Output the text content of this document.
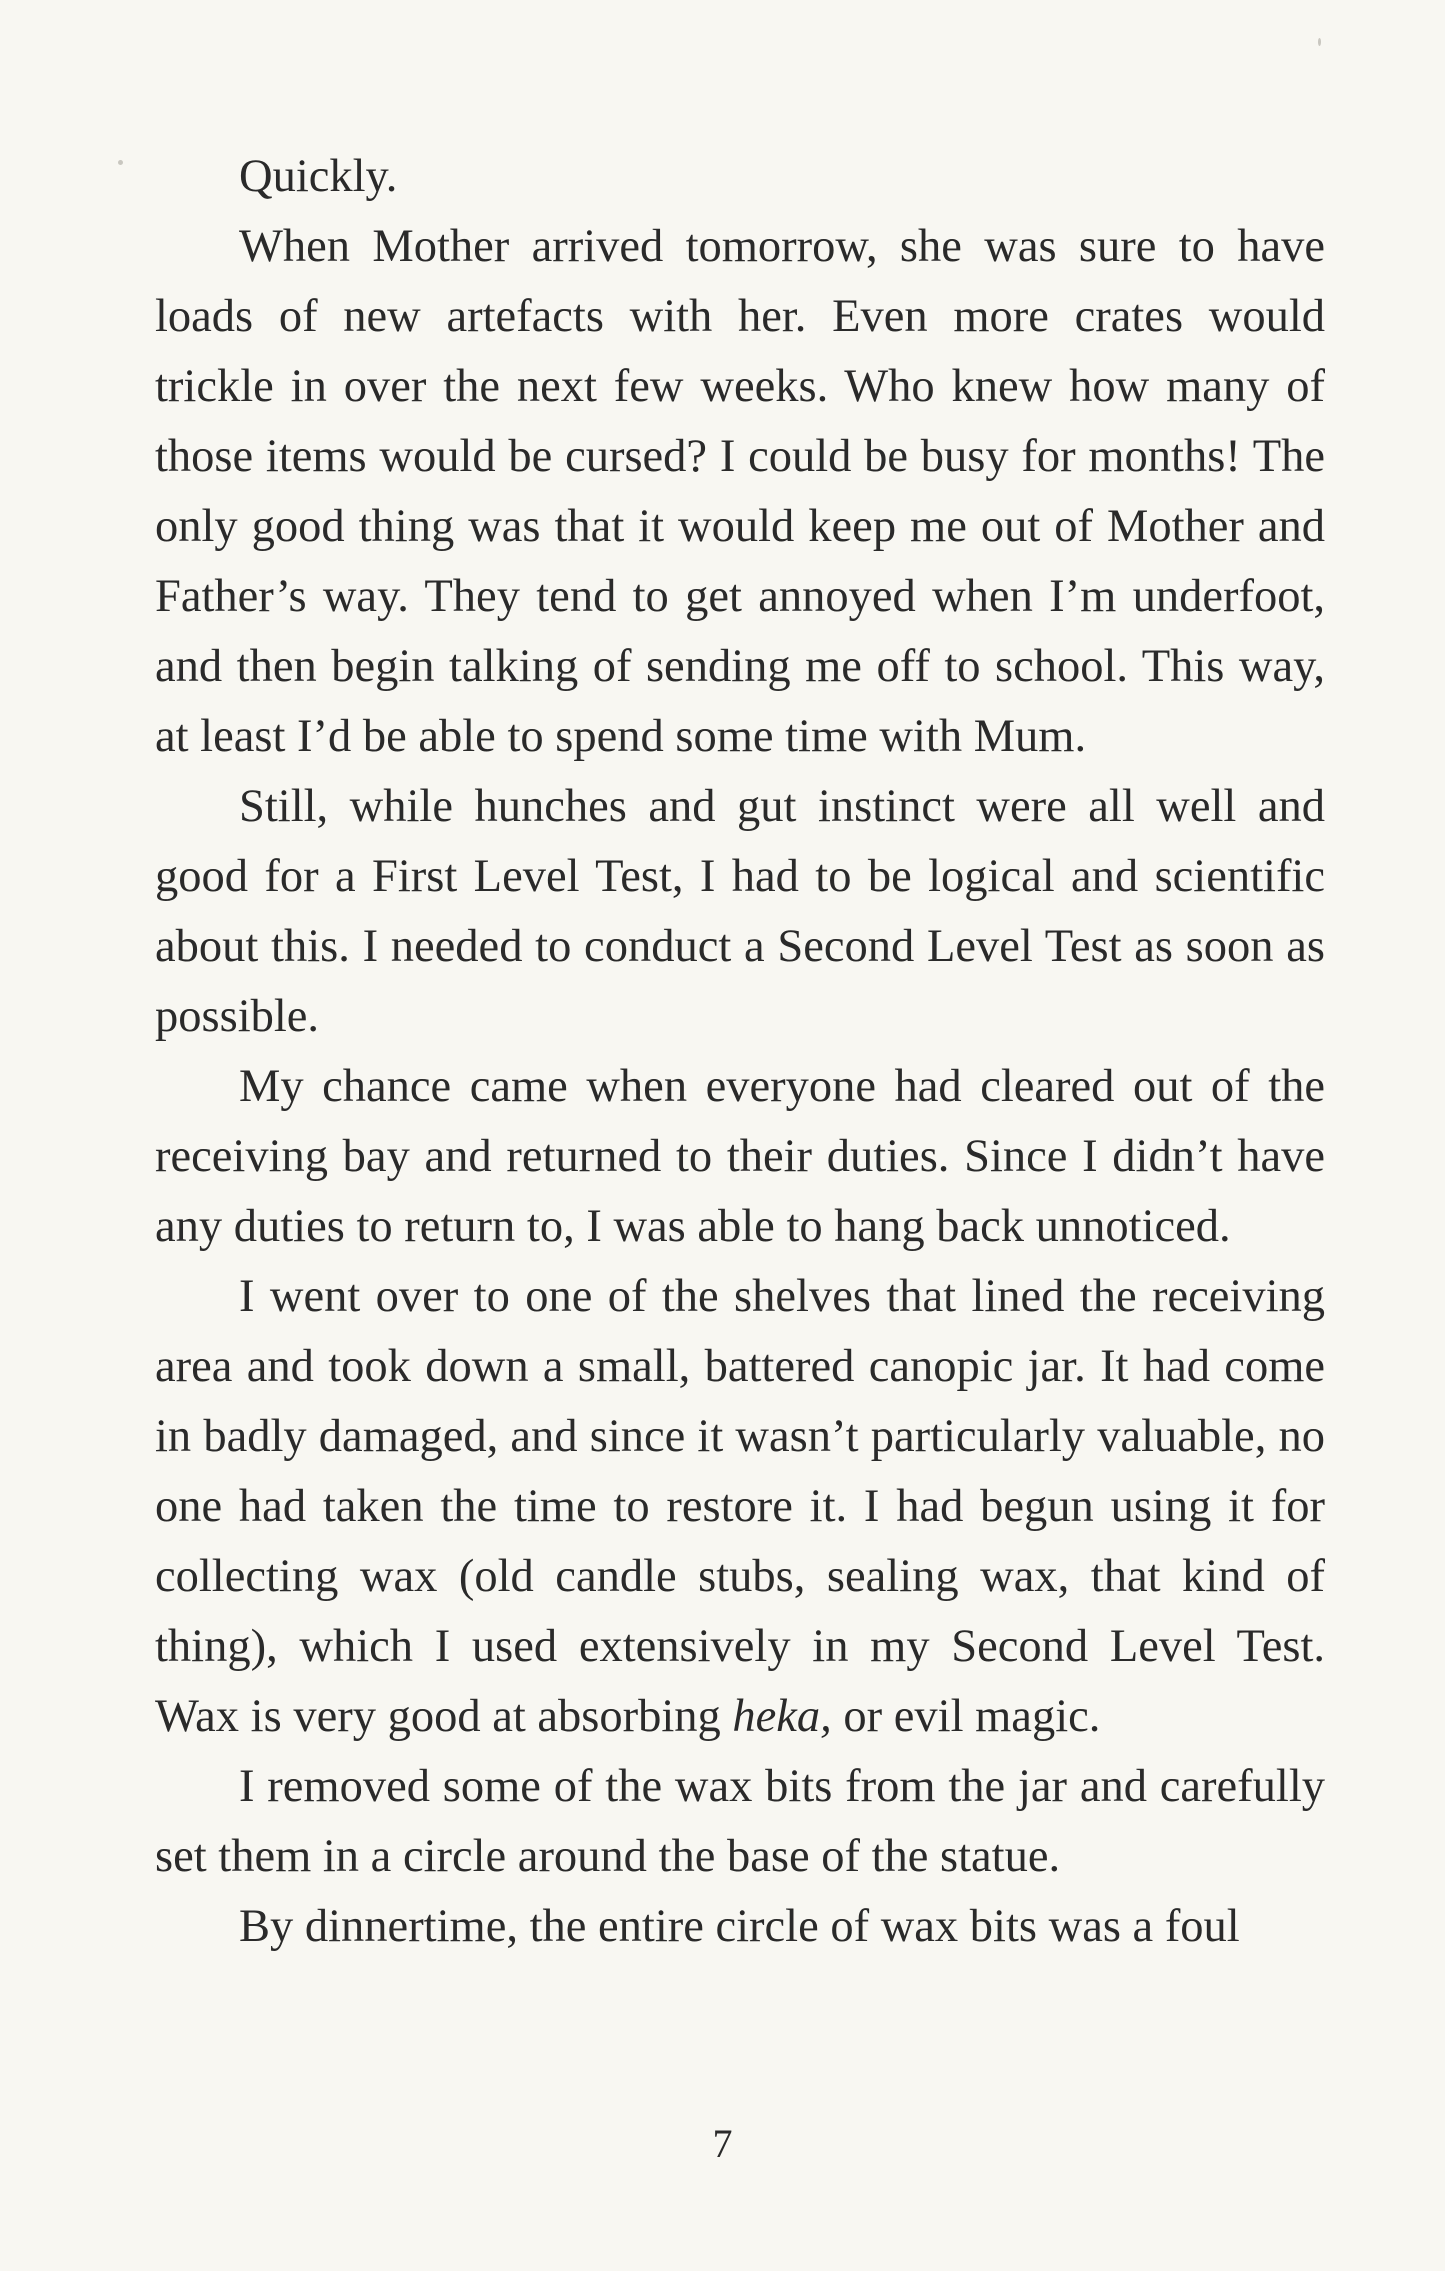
Quickly.

When Mother arrived tomorrow, she was sure to have loads of new artefacts with her. Even more crates would trickle in over the next few weeks. Who knew how many of those items would be cursed? I could be busy for months! The only good thing was that it would keep me out of Mother and Father’s way. They tend to get annoyed when I’m underfoot, and then begin talking of sending me off to school. This way, at least I’d be able to spend some time with Mum.

Still, while hunches and gut instinct were all well and good for a First Level Test, I had to be logical and scientific about this. I needed to conduct a Second Level Test as soon as possible.

My chance came when everyone had cleared out of the receiving bay and returned to their duties. Since I didn’t have any duties to return to, I was able to hang back unnoticed.

I went over to one of the shelves that lined the receiving area and took down a small, battered canopic jar. It had come in badly damaged, and since it wasn’t particularly valuable, no one had taken the time to restore it. I had begun using it for collecting wax (old candle stubs, sealing wax, that kind of thing), which I used extensively in my Second Level Test. Wax is very good at absorbing heka, or evil magic.

I removed some of the wax bits from the jar and carefully set them in a circle around the base of the statue.

By dinnertime, the entire circle of wax bits was a foul

7
